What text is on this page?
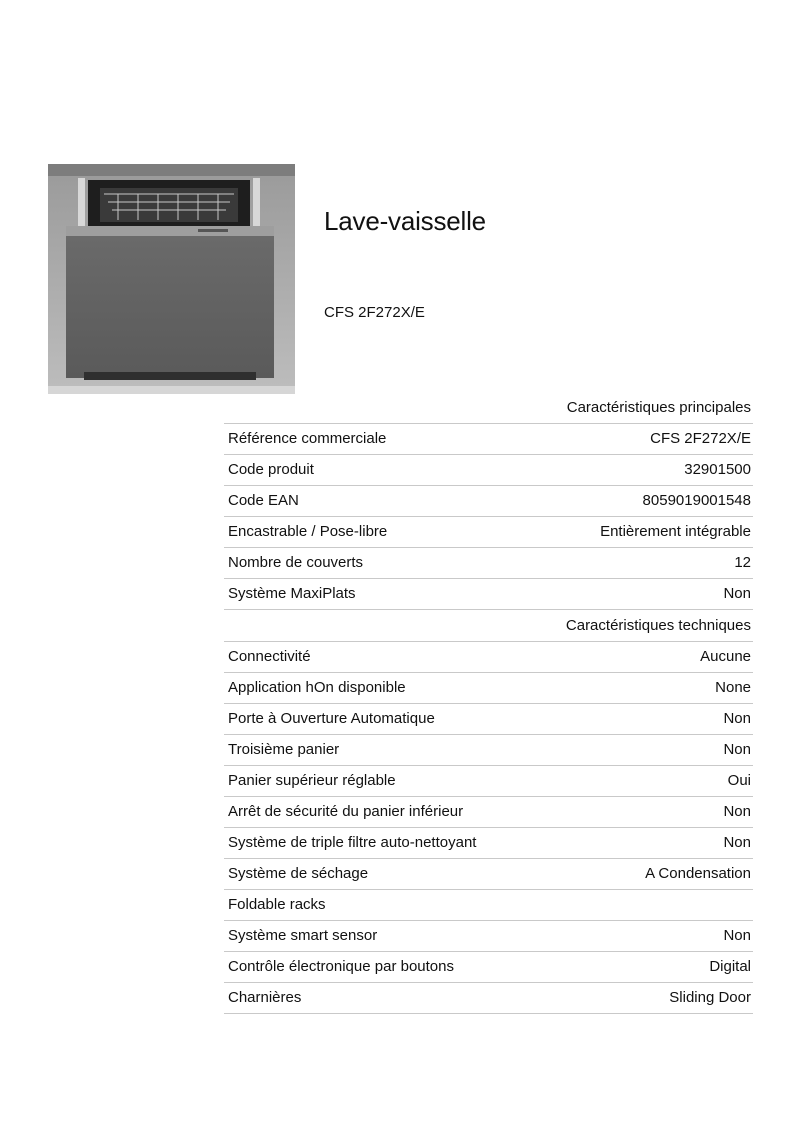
Lave-vaisselle
CFS 2F272X/E
Caractéristiques principales
Référence commerciale	CFS 2F272X/E
Code produit	32901500
Code EAN	8059019001548
Encastrable / Pose-libre	Entièrement intégrable
Nombre de couverts	12
Système MaxiPlats	Non
Caractéristiques techniques
Connectivité	Aucune
Application hOn disponible	None
Porte à Ouverture Automatique	Non
Troisième panier	Non
Panier supérieur réglable	Oui
Arrêt de sécurité du panier inférieur	Non
Système de triple filtre auto-nettoyant	Non
Système de séchage	A Condensation
Foldable racks
Système smart sensor	Non
Contrôle électronique par boutons	Digital
Charnières	Sliding Door
